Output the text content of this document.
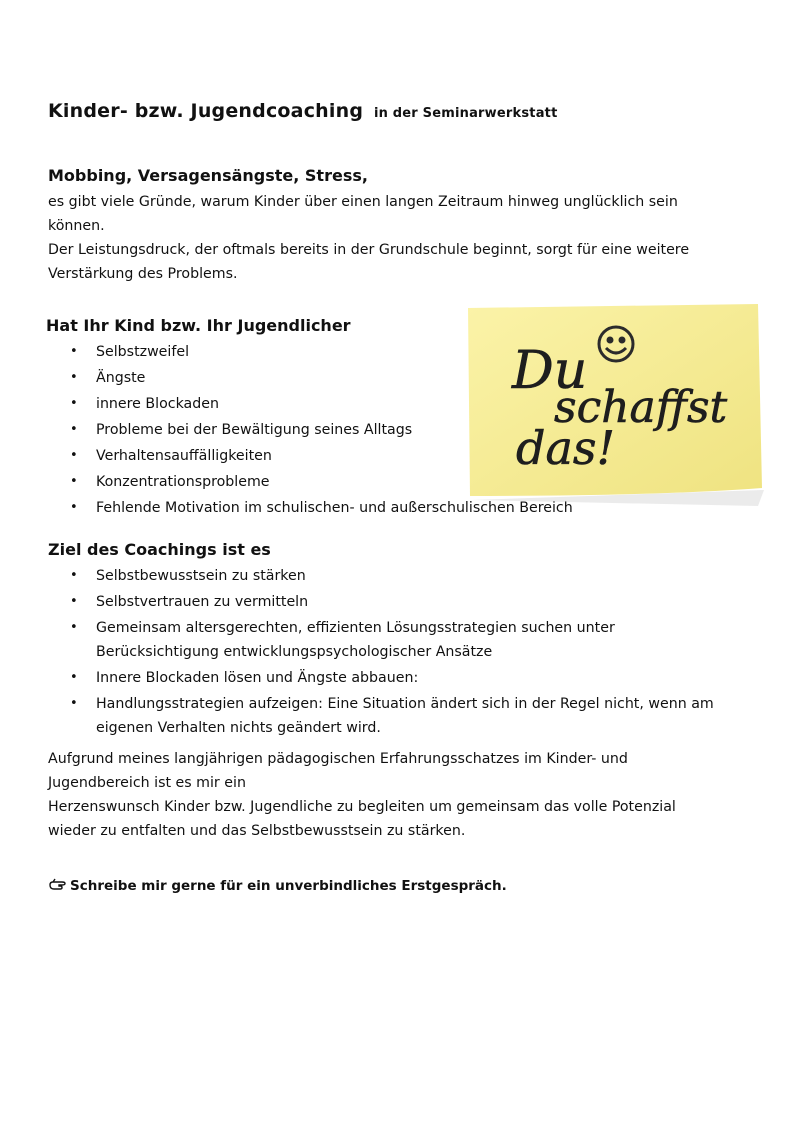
Kinder- bzw. Jugendcoaching in der Seminarwerkstatt
Mobbing, Versagensängste, Stress,

es gibt viele Gründe, warum Kinder über einen langen Zeitraum hinweg unglücklich sein
können.
Der Leistungsdruck, der oftmals bereits in der Grundschule beginnt, sorgt für eine weitere
Verstärkung des Problems.

Hat Ihr Kind bzw. Ihr Jugendlicher
• Selbstzweifel
• Ängste
• innere Blockaden
• Probleme bei der Bewältigung seines Alltags
• Verhaltensauffälligkeiten
• Konzentrationsprobleme
• Fehlende Motivation im schulischen- und außerschulischen Bereich
Du
schaffst
das!
Ziel des Coachings ist es
• Selbstbewusstsein zu stärken
• Selbstvertrauen zu vermitteln
• Gemeinsam altersgerechten, effizienten Lösungsstrategien suchen unter Berücksichtigung entwicklungspsychologischer Ansätze
• Innere Blockaden lösen und Ängste abbauen:
• Handlungsstrategien aufzeigen: Eine Situation ändert sich in der Regel nicht, wenn am eigenen Verhalten nichts geändert wird.

Aufgrund meines langjährigen pädagogischen Erfahrungsschatzes im Kinder- und
Jugendbereich ist es mir ein
Herzenswunsch Kinder bzw. Jugendliche zu begleiten um gemeinsam das volle Potenzial
wieder zu entfalten und das Selbstbewusstsein zu stärken.

Schreibe mir gerne für ein unverbindliches Erstgespräch.
